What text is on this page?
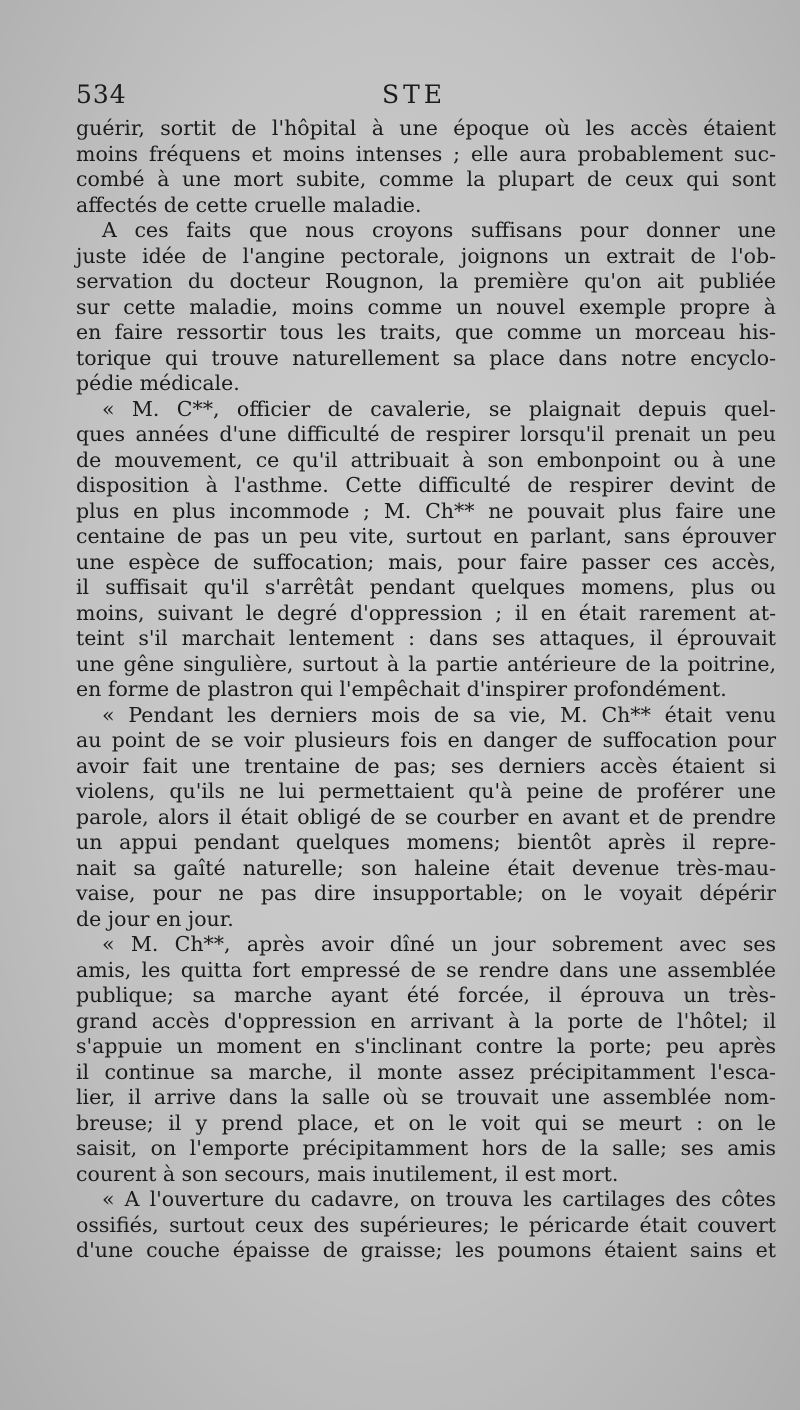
534	STE
guérir, sortit de l'hôpital à une époque où les accès étaient
moins fréquens et moins intenses ; elle aura probablement suc-
combé à une mort subite, comme la plupart de ceux qui sont
affectés de cette cruelle maladie.
A ces faits que nous croyons suffisans pour donner une
juste idée de l'angine pectorale, joignons un extrait de l'ob-
servation du docteur Rougnon, la première qu'on ait publiée
sur cette maladie, moins comme un nouvel exemple propre à
en faire ressortir tous les traits, que comme un morceau his-
torique qui trouve naturellement sa place dans notre encyclo-
pédie médicale.
« M. C**, officier de cavalerie, se plaignait depuis quel-
ques années d'une difficulté de respirer lorsqu'il prenait un peu
de mouvement, ce qu'il attribuait à son embonpoint ou à une
disposition à l'asthme. Cette difficulté de respirer devint de
plus en plus incommode ; M. Ch** ne pouvait plus faire une
centaine de pas un peu vite, surtout en parlant, sans éprouver
une espèce de suffocation; mais, pour faire passer ces accès,
il suffisait qu'il s'arrêtât pendant quelques momens, plus ou
moins, suivant le degré d'oppression ; il en était rarement at-
teint s'il marchait lentement : dans ses attaques, il éprouvait
une gêne singulière, surtout à la partie antérieure de la poitrine,
en forme de plastron qui l'empêchait d'inspirer profondément.
« Pendant les derniers mois de sa vie, M. Ch** était venu
au point de se voir plusieurs fois en danger de suffocation pour
avoir fait une trentaine de pas; ses derniers accès étaient si
violens, qu'ils ne lui permettaient qu'à peine de proférer une
parole, alors il était obligé de se courber en avant et de prendre
un appui pendant quelques momens; bientôt après il repre-
nait sa gaîté naturelle; son haleine était devenue très-mau-
vaise, pour ne pas dire insupportable; on le voyait dépérir
de jour en jour.
« M. Ch**, après avoir dîné un jour sobrement avec ses
amis, les quitta fort empressé de se rendre dans une assemblée
publique; sa marche ayant été forcée, il éprouva un très-
grand accès d'oppression en arrivant à la porte de l'hôtel; il
s'appuie un moment en s'inclinant contre la porte; peu après
il continue sa marche, il monte assez précipitamment l'esca-
lier, il arrive dans la salle où se trouvait une assemblée nom-
breuse; il y prend place, et on le voit qui se meurt : on le
saisit, on l'emporte précipitamment hors de la salle; ses amis
courent à son secours, mais inutilement, il est mort.
« A l'ouverture du cadavre, on trouva les cartilages des côtes
ossifiés, surtout ceux des supérieures; le péricarde était couvert
d'une couche épaisse de graisse; les poumons étaient sains et
